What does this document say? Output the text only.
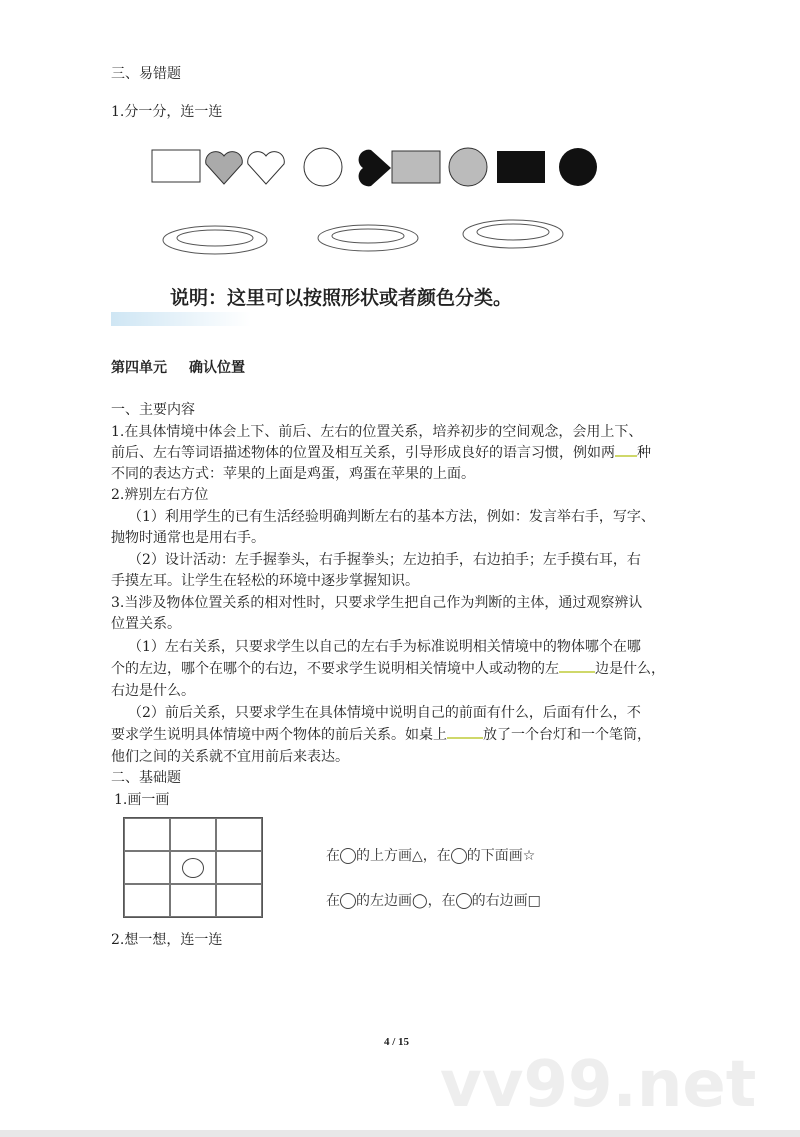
三、易错题
1.分一分，连一连
说明：这里可以按照形状或者颜色分类。
第四单元 确认位置
一、主要内容
1.在具体情境中体会上下、前后、左右的位置关系，培养初步的空间观念，会用上下、
前后、左右等词语描述物体的位置及相互关系，引导形成良好的语言习惯，例如两 种
不同的表达方式：苹果的上面是鸡蛋，鸡蛋在苹果的上面。
2.辨别左右方位
（1）利用学生的已有生活经验明确判断左右的基本方法，例如：发言举右手，写字、
抛物时通常也是用右手。
（2）设计活动：左手握拳头，右手握拳头；左边拍手，右边拍手；左手摸右耳，右
手摸左耳。让学生在轻松的环境中逐步掌握知识。
3.当涉及物体位置关系的相对性时，只要求学生把自己作为判断的主体，通过观察辨认
位置关系。
（1）左右关系，只要求学生以自己的左右手为标准说明相关情境中的物体哪个在哪
个的左边，哪个在哪个的右边，不要求学生说明相关情境中人或动物的左	边是什么，
右边是什么。
（2）前后关系，只要求学生在具体情境中说明自己的前面有什么，后面有什么，不
要求学生说明具体情境中两个物体的前后关系。如桌上	放了一个台灯和一个笔筒，
他们之间的关系就不宜用前后来表达。
二、基础题
1.画一画
在 的上方画△，在 的下面画☆
在 的左边画◯，在 的右边画□
2.想一想，连一连
4 / 15
vv99.net
